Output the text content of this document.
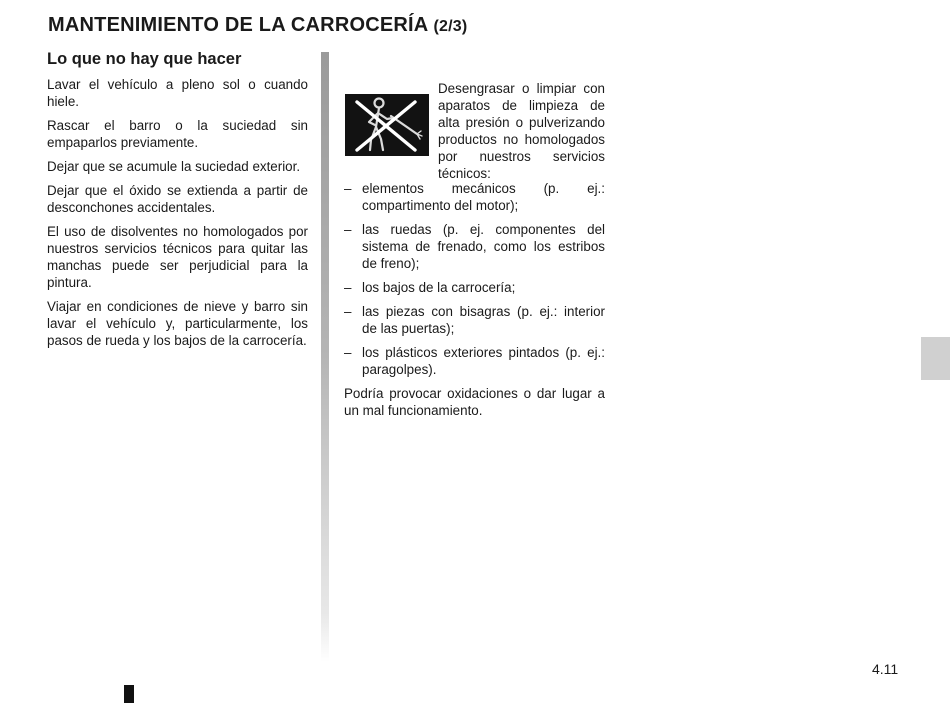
MANTENIMIENTO DE LA CARROCERÍA (2/3)
Lo que no hay que hacer

Lavar el vehículo a pleno sol o cuando hiele.

Rascar el barro o la suciedad sin empaparlos previamente.

Dejar que se acumule la suciedad exterior.

Dejar que el óxido se extienda a partir de desconchones accidentales.

El uso de disolventes no homologados por nuestros servicios técnicos para quitar las manchas puede ser perjudicial para la pintura.

Viajar en condiciones de nieve y barro sin lavar el vehículo y, particularmente, los pasos de rueda y los bajos de la carrocería.

Desengrasar o limpiar con aparatos de limpieza de alta presión o pulverizando productos no homologados por nuestros servicios técnicos:

– elementos mecánicos (p. ej.: compartimento del motor);
– las ruedas (p. ej. componentes del sistema de frenado, como los estribos de freno);
– los bajos de la carrocería;
– las piezas con bisagras (p. ej.: interior de las puertas);
– los plásticos exteriores pintados (p. ej.: paragolpes).

Podría provocar oxidaciones o dar lugar a un mal funcionamiento.

4.11
